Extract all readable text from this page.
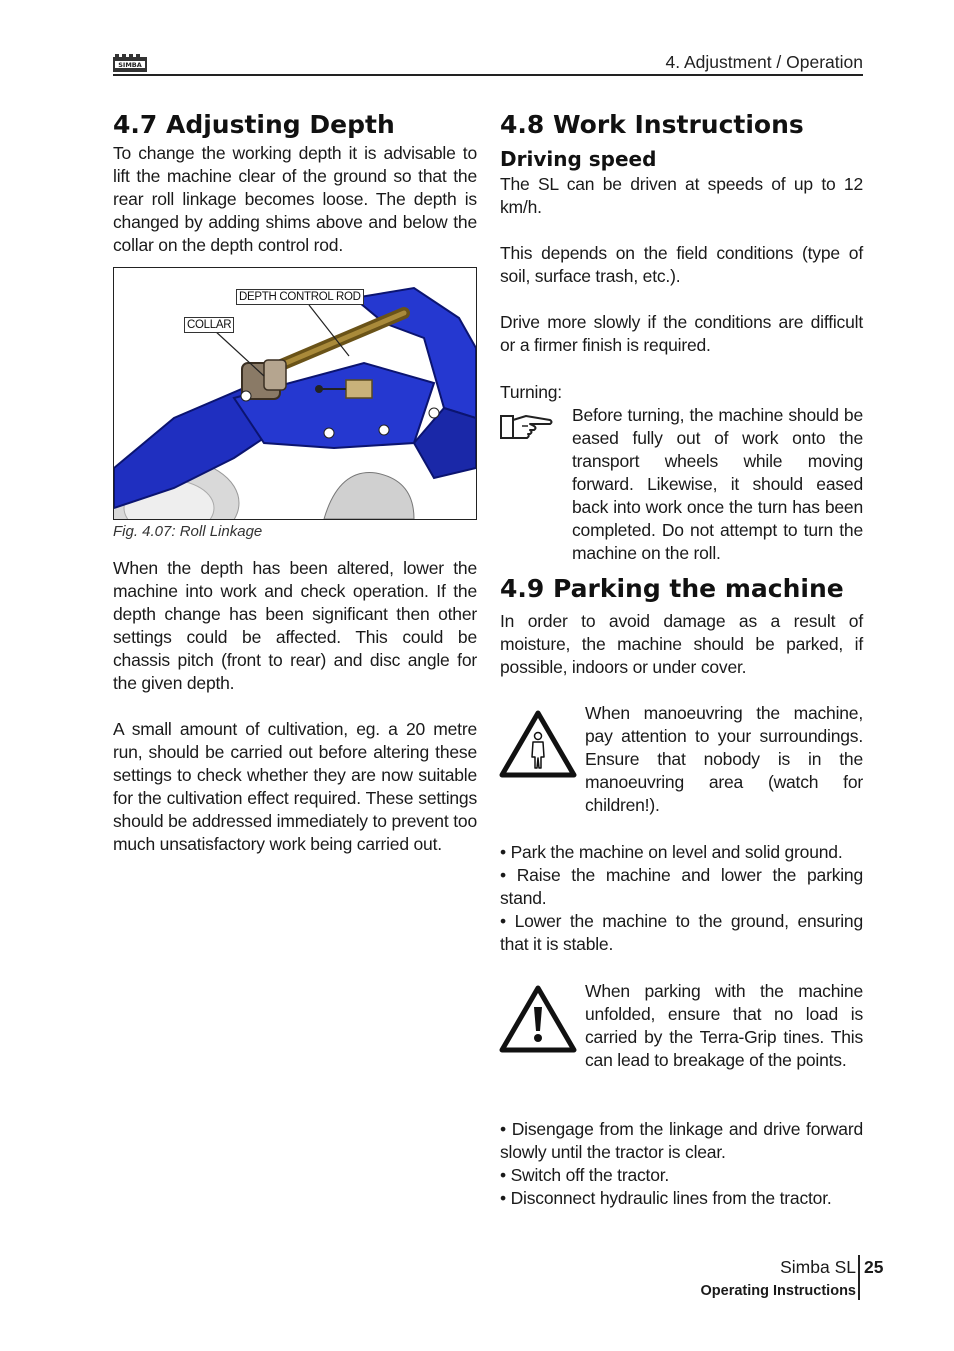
SIMBA	4. Adjustment / Operation
4.7 Adjusting Depth

To change the working depth it is advisable to lift the machine clear of the ground so that the rear roll linkage becomes loose. The depth is changed by adding shims above and below the collar on the depth control rod.

DEPTH CONTROL ROD
COLLAR
Fig. 4.07: Roll Linkage

When the depth has been altered, lower the machine into work and check operation. If the depth change has been significant then other settings could be affected. This could be chassis pitch (front to rear) and disc angle for the given depth.

A small amount of cultivation, eg. a 20 metre run, should be carried out before altering these settings to check whether they are now suitable for the cultivation effect required. These settings should be addressed immediately to prevent too much unsatisfactory work being carried out.

4.8 Work Instructions
Driving speed

The SL can be driven at speeds of up to 12 km/h.

This depends on the field conditions (type of soil, surface trash, etc.).

Drive more slowly if the conditions are difficult or a firmer finish is required.

Turning:

Before turning, the machine should be eased fully out of work onto the transport wheels while moving forward. Likewise, it should eased back into work once the turn has been completed. Do not attempt to turn the machine on the roll.

4.9 Parking the machine

In order to avoid damage as a result of moisture, the machine should be parked, if possible, indoors or under cover.

When manoeuvring the machine, pay attention to your surroundings. Ensure that nobody is in the manoeuvring area (watch for children!).

• Park the machine on level and solid ground.

• Raise the machine and lower the parking stand.

• Lower the machine to the ground, ensuring that it is stable.

When parking with the machine unfolded, ensure that no load is carried by the Terra-Grip tines. This can lead to breakage of the points.

• Disengage from the linkage and drive forward slowly until the tractor is clear.

• Switch off the tractor.

• Disconnect hydraulic lines from the tractor.

Simba SL 25
Operating Instructions
